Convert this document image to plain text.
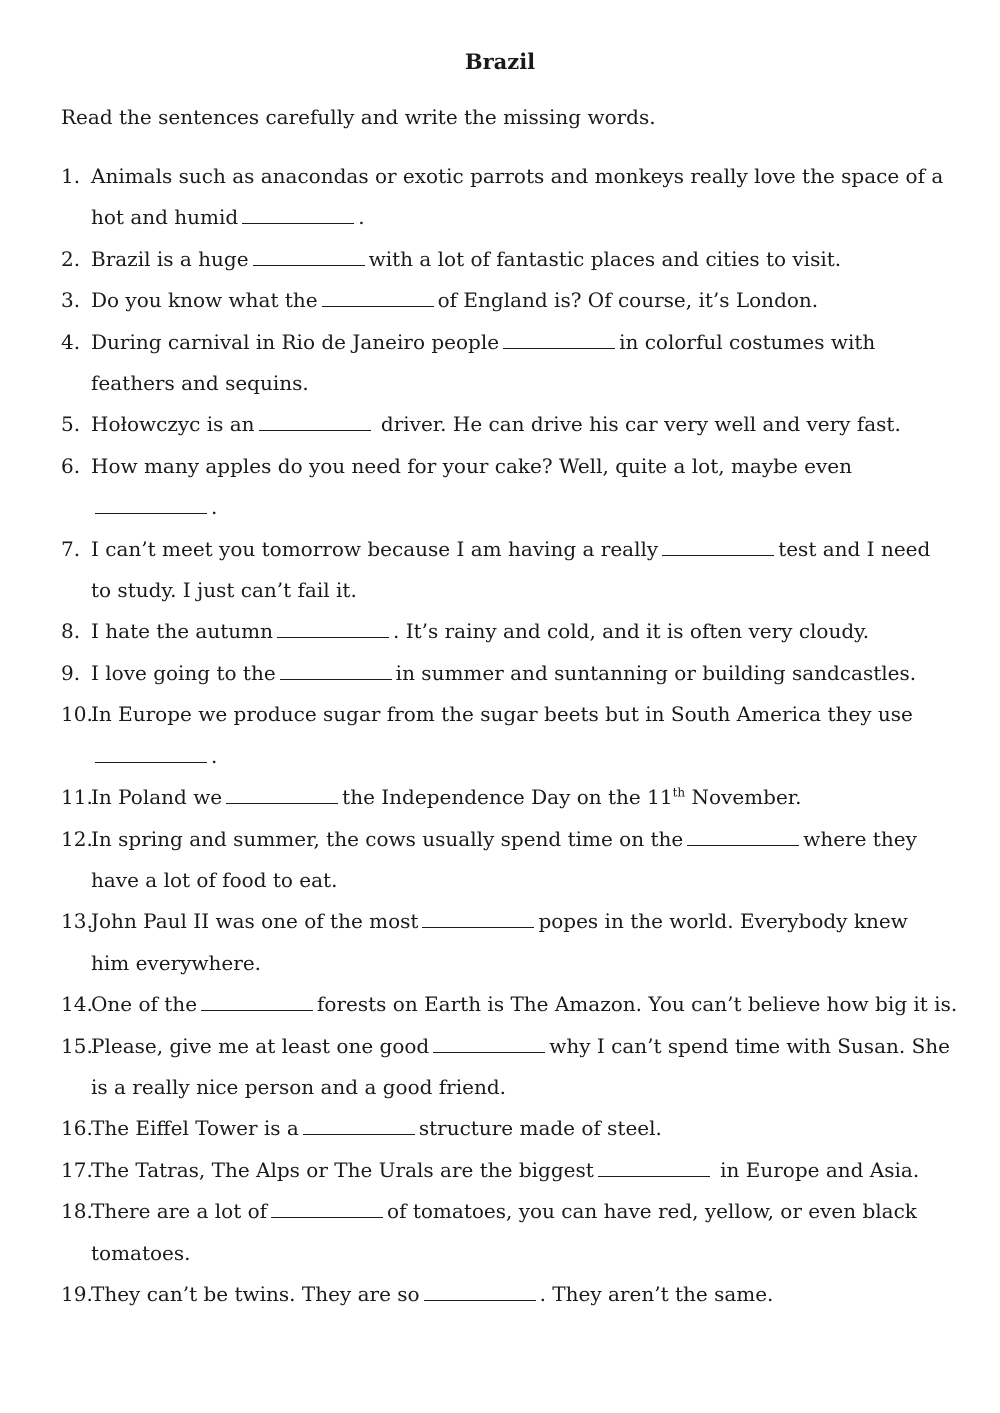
Brazil
Read the sentences carefully and write the missing words.
1. Animals such as anacondas or exotic parrots and monkeys really love the space of a
hot and humid	.
2. Brazil is a huge	with a lot of fantastic places and cities to visit.
3. Do you know what the	of England is? Of course, it’s London.
4. During carnival in Rio de Janeiro people	in colorful costumes with
feathers and sequins.
5. Hołowczyc is an	driver. He can drive his car very well and very fast.
6. How many apples do you need for your cake? Well, quite a lot, maybe even
.
7. I can’t meet you tomorrow because I am having a really	test and I need
to study. I just can’t fail it.
8. I hate the autumn	. It’s rainy and cold, and it is often very cloudy.
9. I love going to the	in summer and suntanning or building sandcastles.
10.
In Europe we produce sugar from the sugar beets but in South America they use
.
11.
In Poland we	the Independence Day on the 11th November.
12.
In spring and summer, the cows usually spend time on the	where they
have a lot of food to eat.
13.
John Paul II was one of the most	popes in the world. Everybody knew
him everywhere.
14.
One of the	forests on Earth is The Amazon. You can’t believe how big it is.
15.
Please, give me at least one good	why I can’t spend time with Susan. She
is a really nice person and a good friend.
16.
The Eiffel Tower is a	structure made of steel.
17.
The Tatras, The Alps or The Urals are the biggest	in Europe and Asia.
18.
There are a lot of	of tomatoes, you can have red, yellow, or even black
tomatoes.
19.
They can’t be twins. They are so	. They aren’t the same.
